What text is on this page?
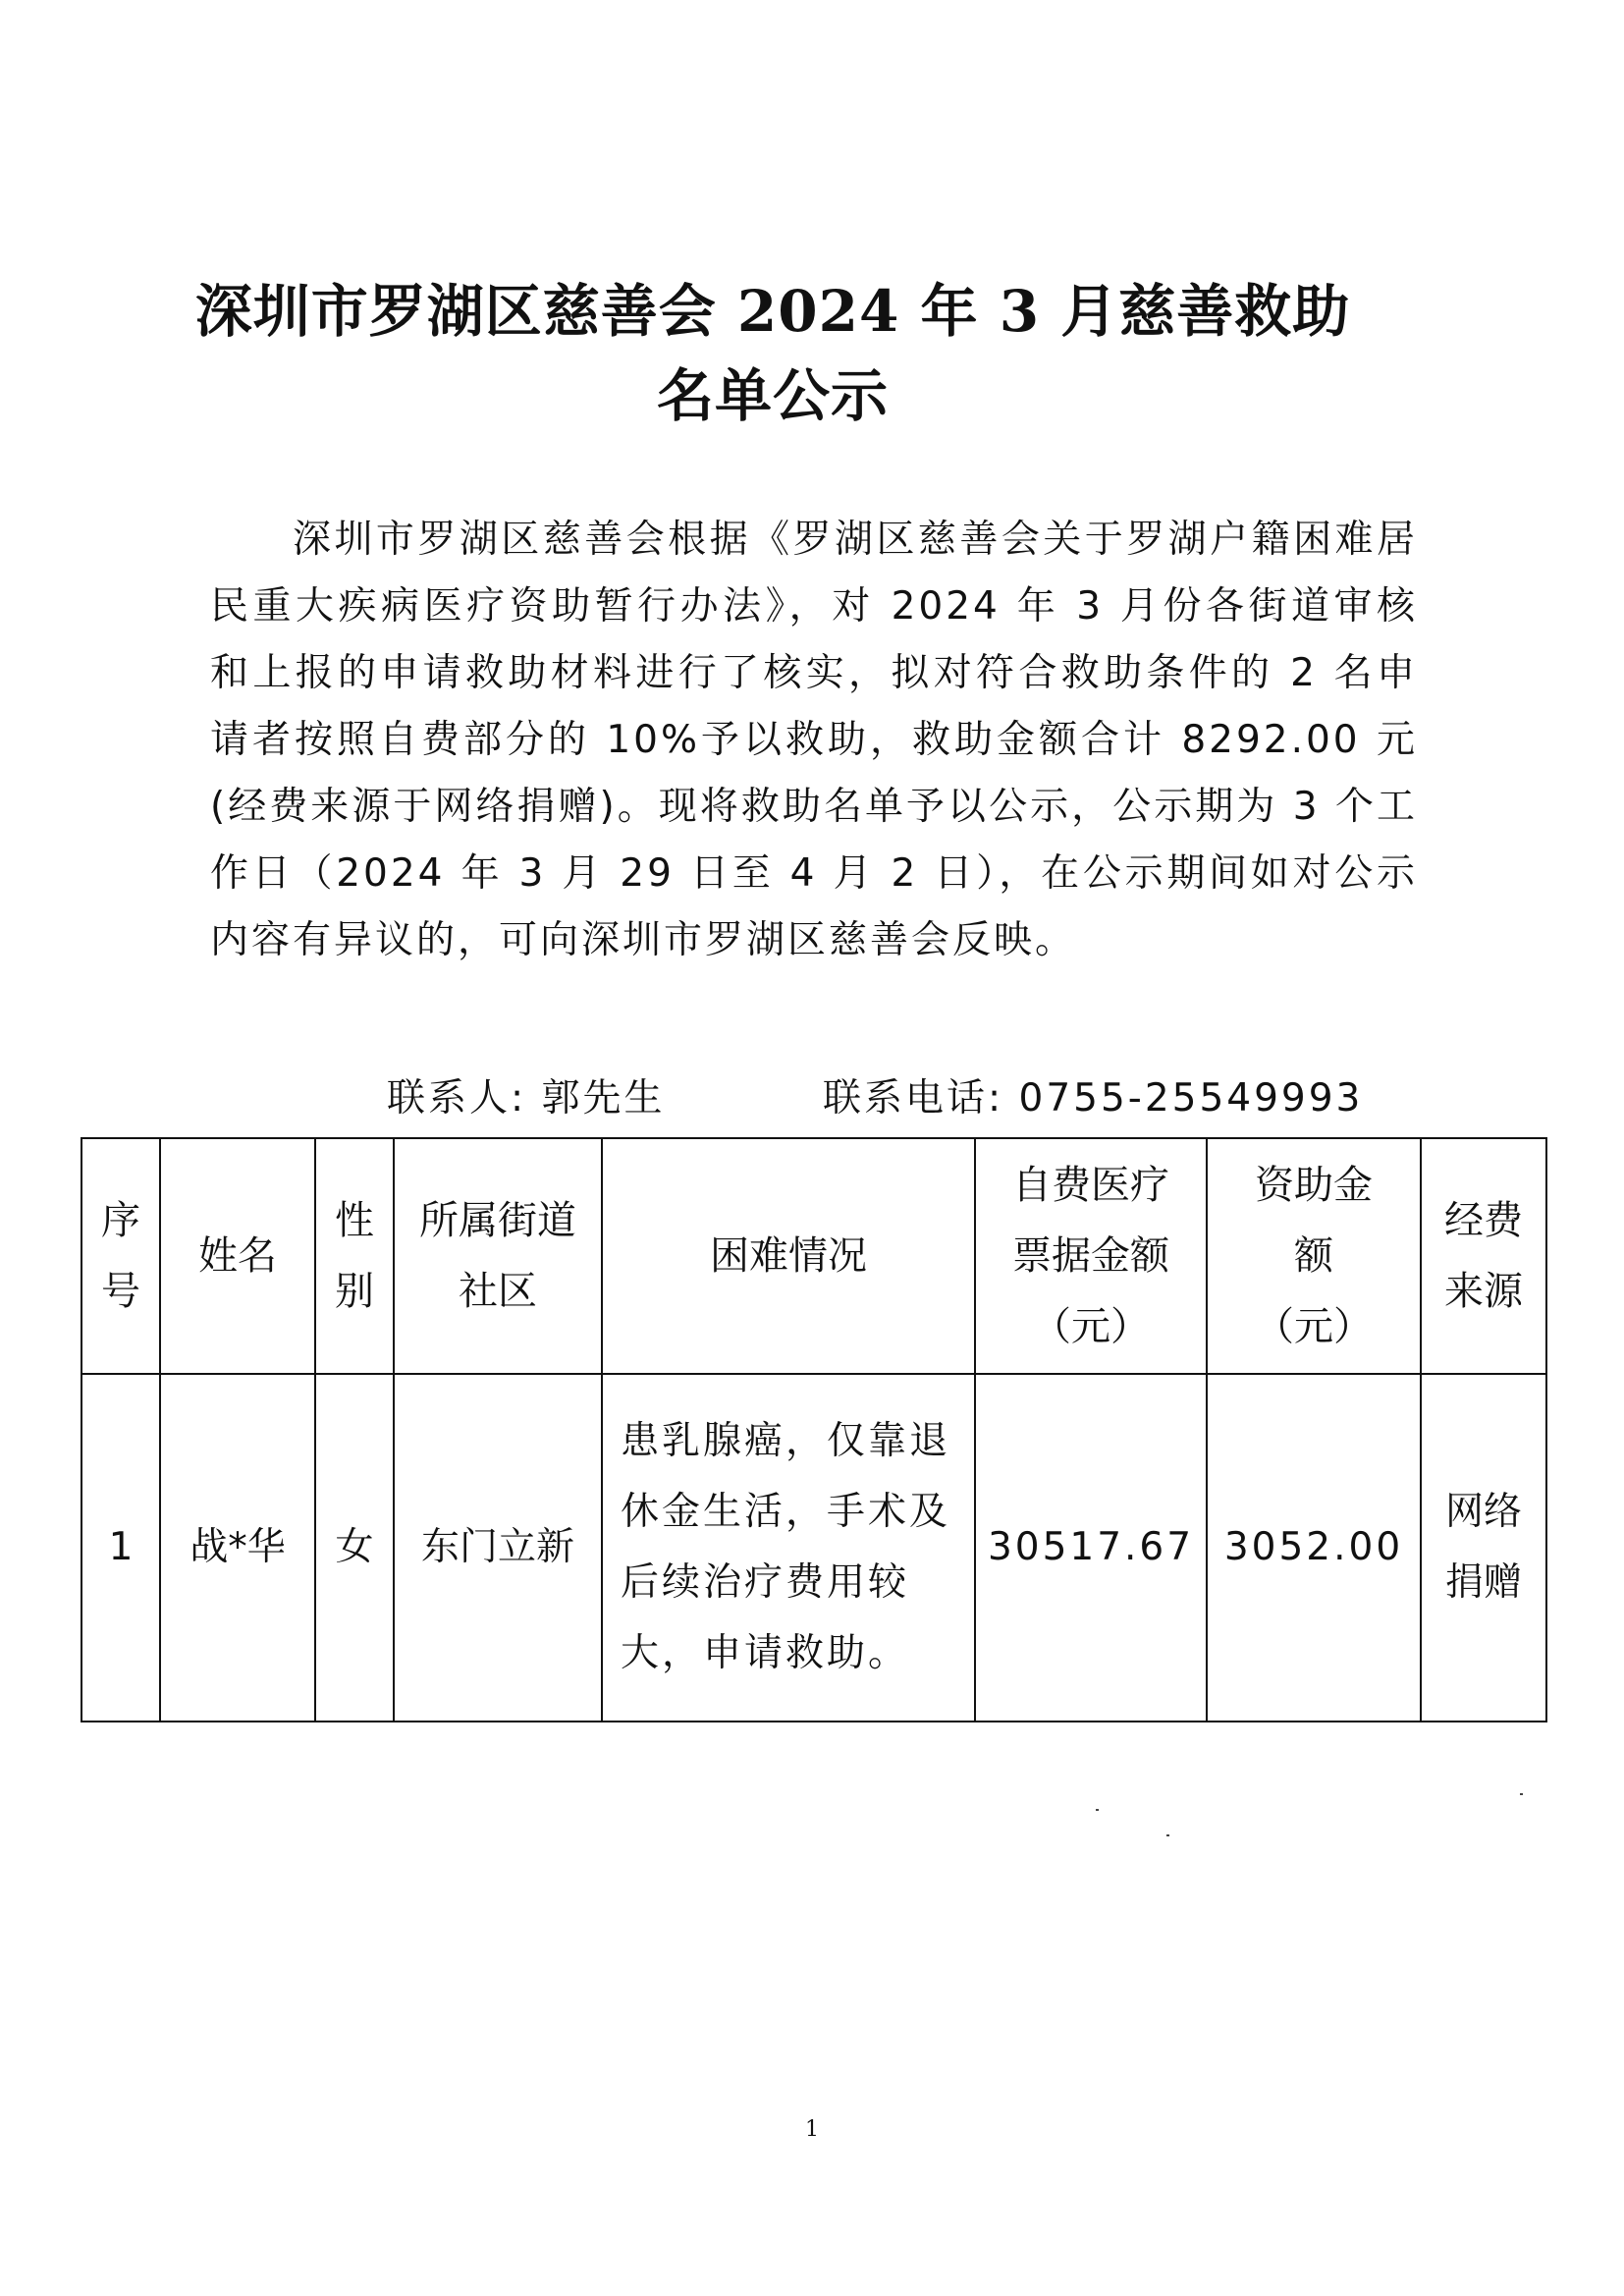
深圳市罗湖区慈善会 2024 年 3 月慈善救助
名单公示

深圳市罗湖区慈善会根据《罗湖区慈善会关于罗湖户籍困难居民重大疾病医疗资助暂行办法》，对 2024 年 3 月份各街道审核和上报的申请救助材料进行了核实，拟对符合救助条件的 2 名申请者按照自费部分的 10%予以救助，救助金额合计 8292.00 元(经费来源于网络捐赠)。现将救助名单予以公示，公示期为 3 个工作日（2024 年 3 月 29 日至 4 月 2 日），在公示期间如对公示内容有异议的，可向深圳市罗湖区慈善会反映。

联系人: 郭先生	联系电话: 0755-25549993
序号	姓名	性别	所属街道社区	困难情况	自费医疗票据金额（元）	资助金额（元）	经费来源
1	战*华	女	东门立新	患乳腺癌，仅靠退休金生活，手术及后续治疗费用较大，申请救助。	30517.67	3052.00	网络捐赠
1
